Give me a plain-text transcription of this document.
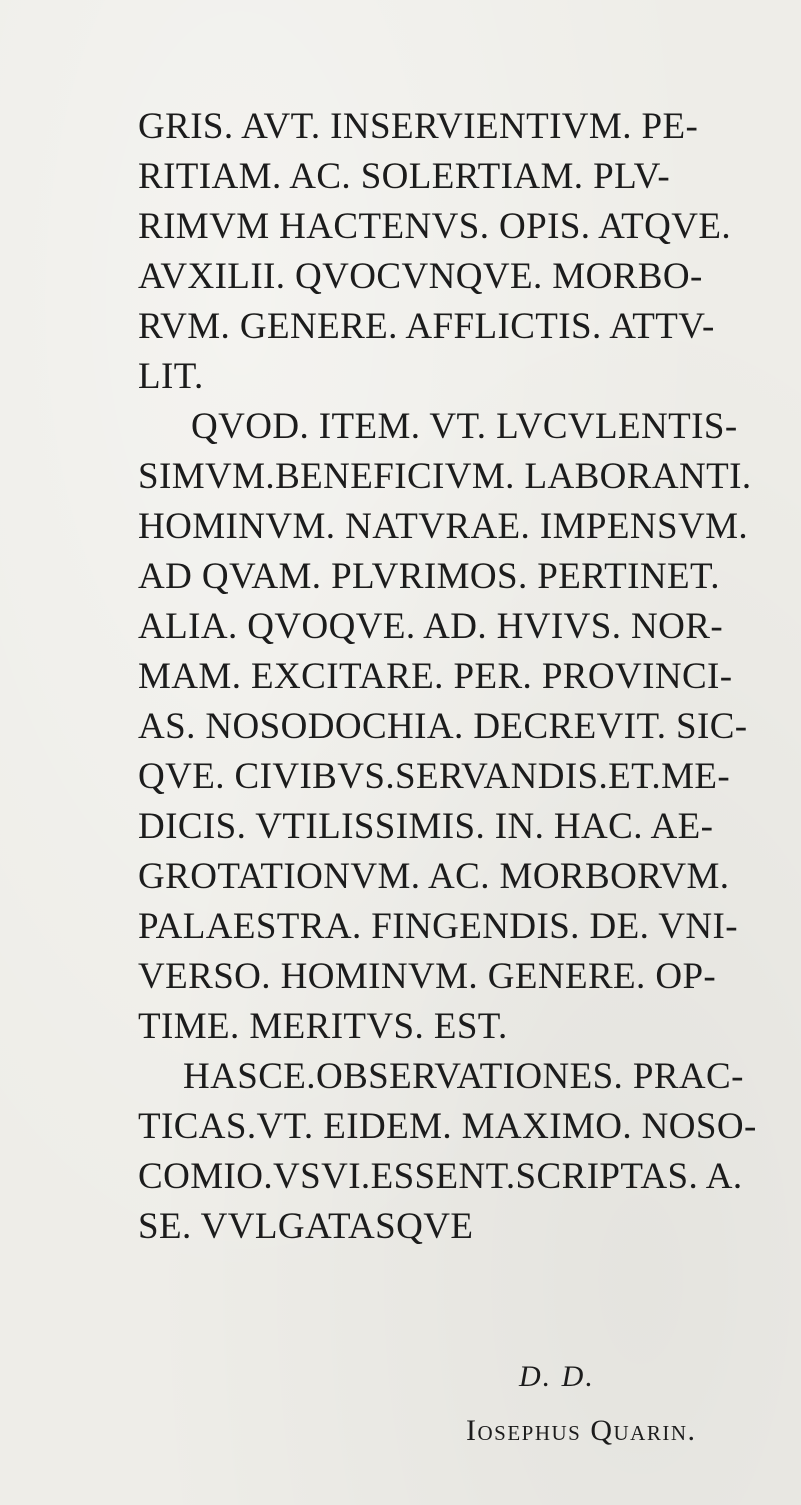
GRIS. AVT. INSERVIENTIVM. PE-
RITIAM. AC. SOLERTIAM. PLV-
RIMVM HACTENVS. OPIS. ATQVE.
AVXILII. QVOCVNQVE. MORBO-
RVM. GENERE. AFFLICTIS. ATTV-
LIT.
QVOD. ITEM. VT. LVCVLENTIS-
SIMVM.BENEFICIVM. LABORANTI.
HOMINVM. NATVRAE. IMPENSVM.
AD QVAM. PLVRIMOS. PERTINET.
ALIA. QVOQVE. AD. HVIVS. NOR-
MAM. EXCITARE. PER. PROVINCI-
AS. NOSODOCHIA. DECREVIT. SIC-
QVE. CIVIBVS.SERVANDIS.ET.ME-
DICIS. VTILISSIMIS. IN. HAC. AE-
GROTATIONVM. AC. MORBORVM.
PALAESTRA. FINGENDIS. DE. VNI-
VERSO. HOMINVM. GENERE. OP-
TIME. MERITVS. EST.
HASCE.OBSERVATIONES. PRAC-
TICAS.VT. EIDEM. MAXIMO. NOSO-
COMIO.VSVI.ESSENT.SCRIPTAS. A.
SE. VVLGATASQVE
D. D.
Iosephus Quarin.
